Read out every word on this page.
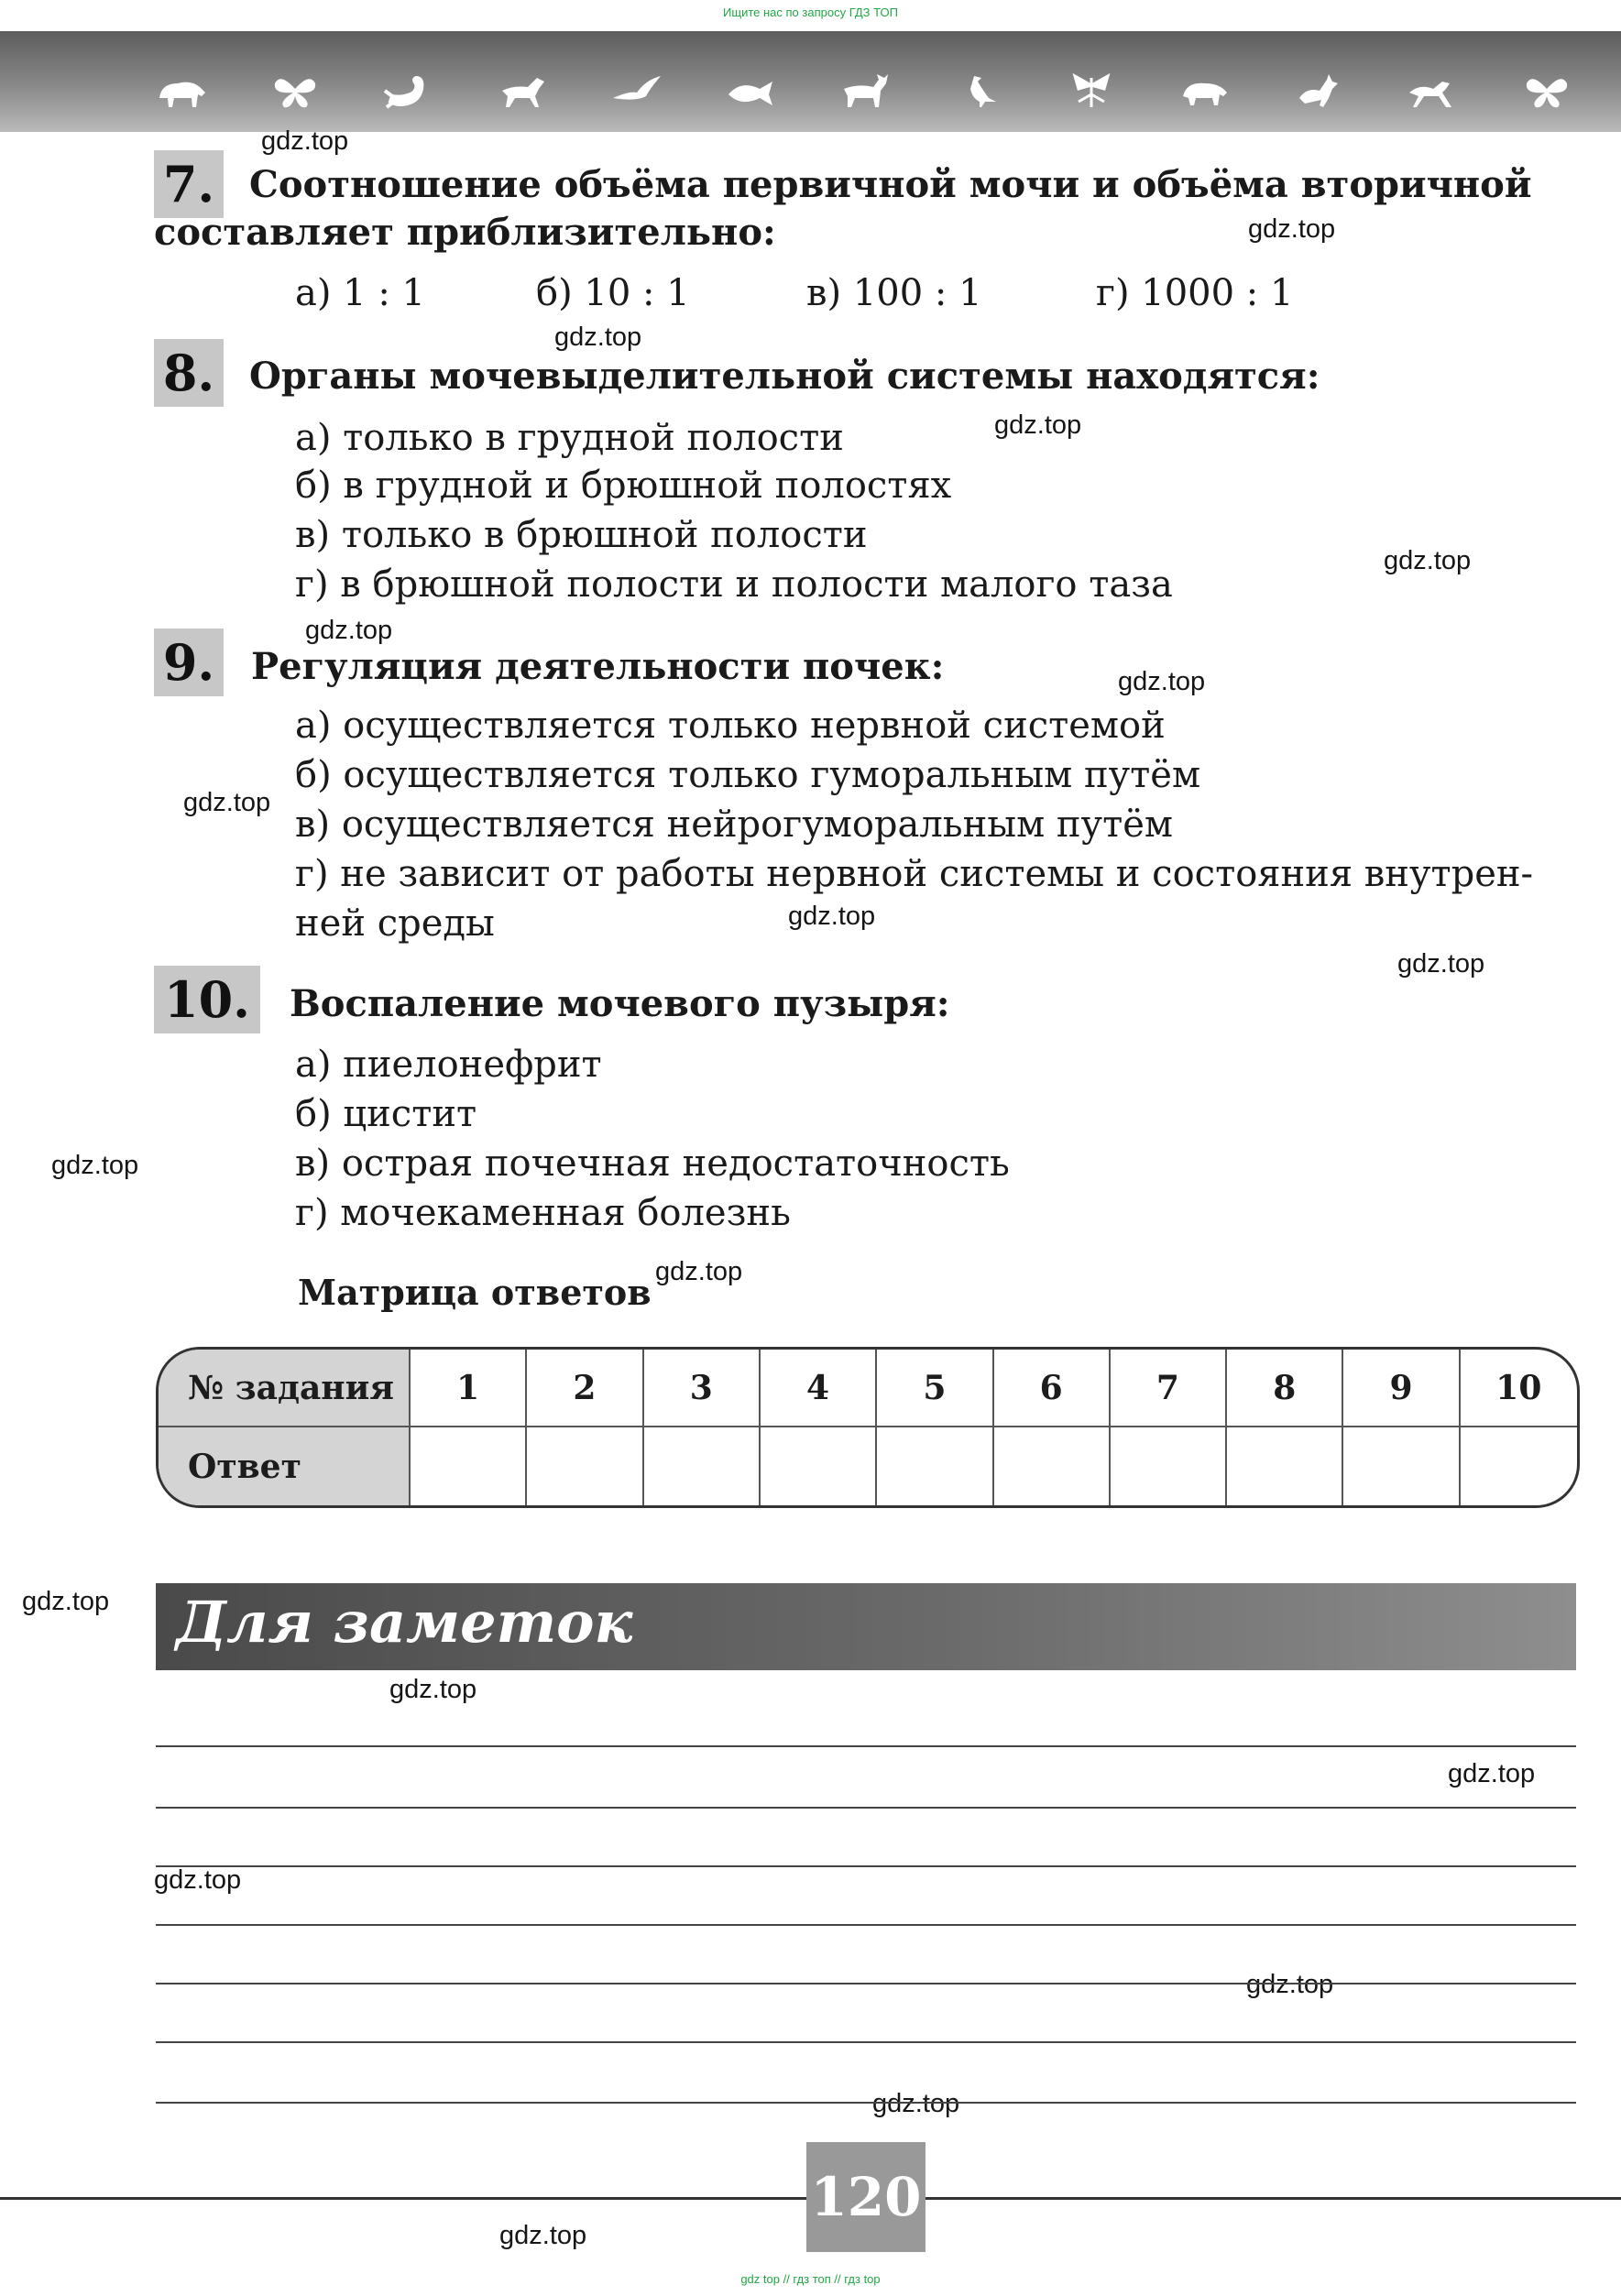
Ищите нас по запросу ГДЗ ТОП
gdz.top
gdz.top
gdz.top
gdz.top
gdz.top
gdz.top
gdz.top
gdz.top
gdz.top
gdz.top
gdz.top
gdz.top
gdz.top
gdz.top
gdz.top
gdz.top
gdz.top
gdz.top
gdz.top
7. Соотношение объёма первичной мочи и объёма вторичной
составляет приблизительно:
а) 1 : 1	б) 10 : 1	в) 100 : 1	г) 1000 : 1
8. Органы мочевыделительной системы находятся:
а) только в грудной полости
б) в грудной и брюшной полостях
в) только в брюшной полости
г) в брюшной полости и полости малого таза
9. Регуляция деятельности почек:
а) осуществляется только нервной системой
б) осуществляется только гуморальным путём
в) осуществляется нейрогуморальным путём
г) не зависит от работы нервной системы и состояния внутрен-
ней среды
10. Воспаление мочевого пузыря:
а) пиелонефрит
б) цистит
в) острая почечная недостаточность
г) мочекаменная болезнь
Матрица ответов
№ задания	1	2	3	4	5	6	7	8	9	10
Ответ
Для заметок
120
gdz top // гдз топ // гдз top
